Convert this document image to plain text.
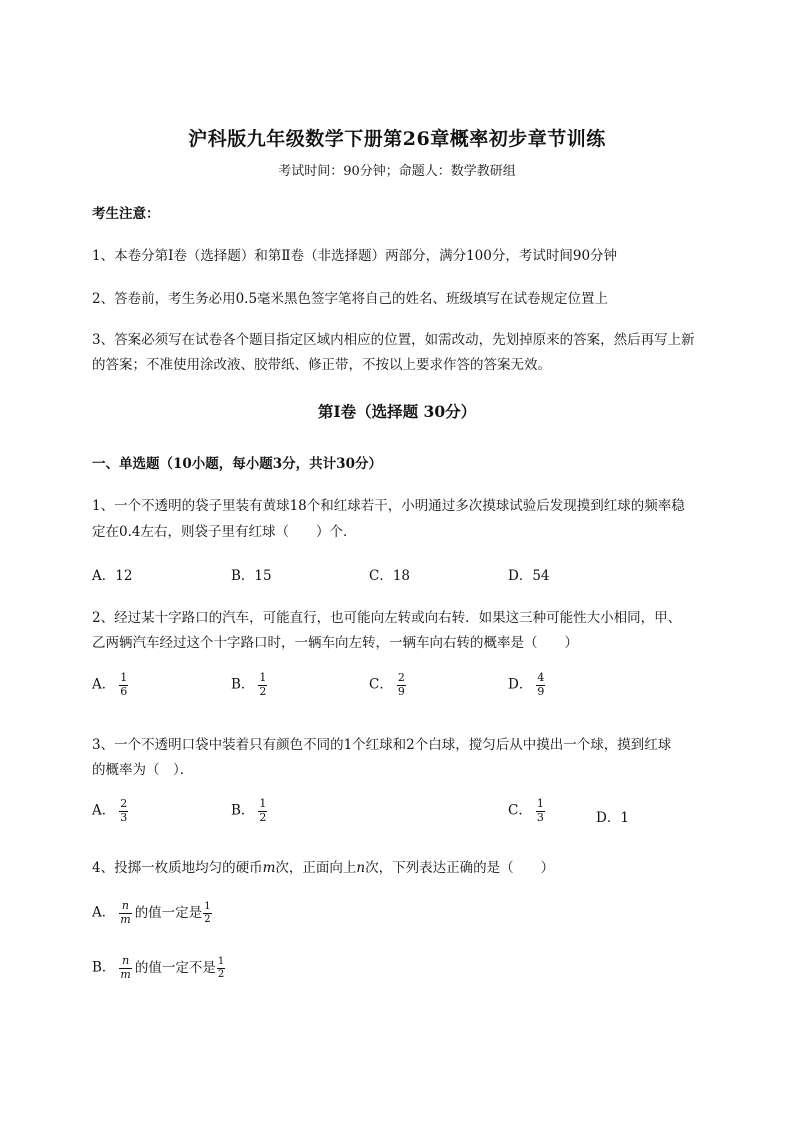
沪科版九年级数学下册第26章概率初步章节训练
考试时间：90分钟；命题人：数学教研组
考生注意：
1、本卷分第I卷（选择题）和第Ⅱ卷（非选择题）两部分，满分100分，考试时间90分钟
2、答卷前，考生务必用0.5毫米黑色签字笔将自己的姓名、班级填写在试卷规定位置上
3、答案必须写在试卷各个题目指定区域内相应的位置，如需改动，先划掉原来的答案，然后再写上新
的答案；不准使用涂改液、胶带纸、修正带，不按以上要求作答的答案无效。
第I卷（选择题 30分）
一、单选题（10小题，每小题3分，共计30分）
1、一个不透明的袋子里装有黄球18个和红球若干，小明通过多次摸球试验后发现摸到红球的频率稳
定在0.4左右，则袋子里有红球（　　）个．
A．12	B．15	C．18	D．54
2、经过某十字路口的汽车，可能直行，也可能向左转或向右转．如果这三种可能性大小相同，甲、
乙两辆汽车经过这个十字路口时，一辆车向左转，一辆车向右转的概率是（　　）
A． $\frac{1}{6}$	B． $\frac{1}{2}$	C． $\frac{2}{9}$	D． $\frac{4}{9}$
3、一个不透明口袋中装着只有颜色不同的1个红球和2个白球，搅匀后从中摸出一个球，摸到红球
的概率为（　）．
A． $\frac{2}{3}$	B． $\frac{1}{2}$	C． $\frac{1}{3}$	D．1
4、投掷一枚质地均匀的硬币m次，正面向上n次，下列表达正确的是（　　）
A． $\frac{n}{m}$ 的值一定是 $\frac{1}{2}$
B． $\frac{n}{m}$ 的值一定不是 $\frac{1}{2}$
